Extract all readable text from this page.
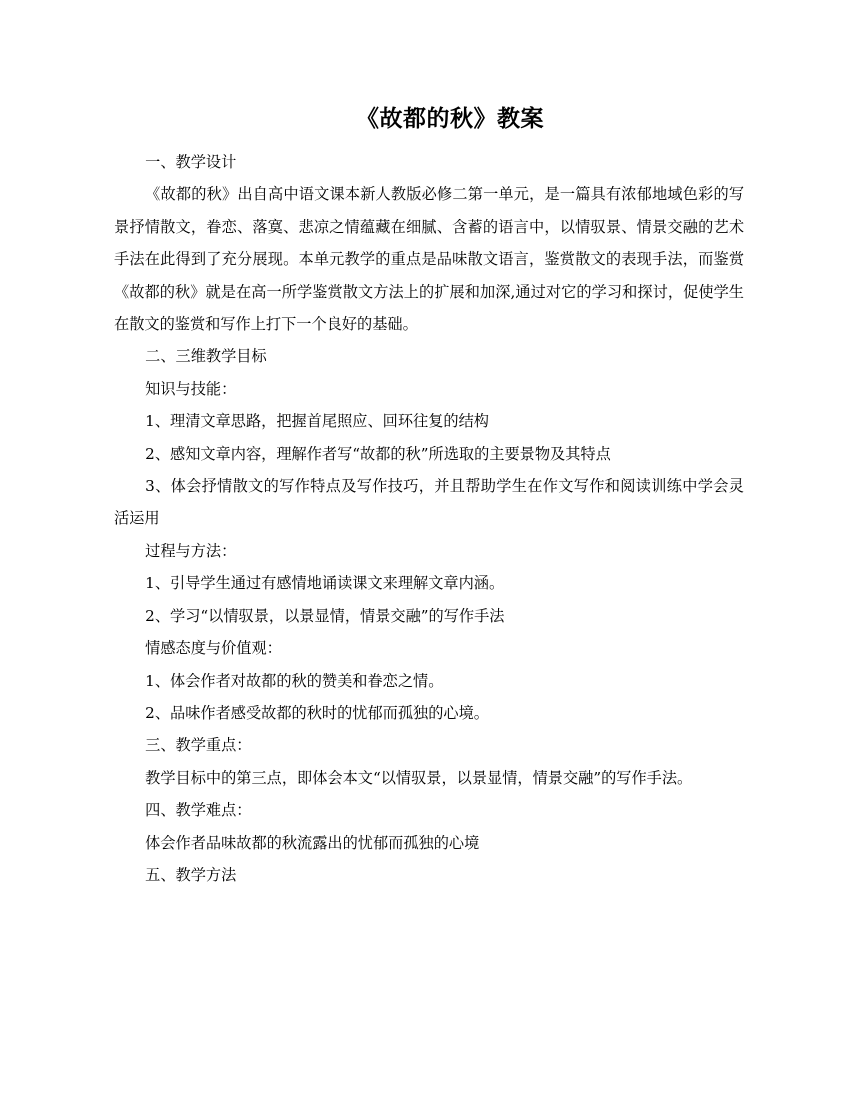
《故都的秋》教案

一、教学设计

《故都的秋》出自高中语文课本新人教版必修二第一单元，是一篇具有浓郁地域色彩的写景抒情散文，眷恋、落寞、悲凉之情蕴藏在细腻、含蓄的语言中，以情驭景、情景交融的艺术手法在此得到了充分展现。本单元教学的重点是品味散文语言，鉴赏散文的表现手法，而鉴赏《故都的秋》就是在高一所学鉴赏散文方法上的扩展和加深,通过对它的学习和探讨，促使学生在散文的鉴赏和写作上打下一个良好的基础。

二、三维教学目标

知识与技能：

1、理清文章思路，把握首尾照应、回环往复的结构

2、感知文章内容，理解作者写“故都的秋”所选取的主要景物及其特点

3、体会抒情散文的写作特点及写作技巧，并且帮助学生在作文写作和阅读训练中学会灵活运用

过程与方法：

1、引导学生通过有感情地诵读课文来理解文章内涵。

2、学习“以情驭景，以景显情，情景交融”的写作手法

情感态度与价值观：

1、体会作者对故都的秋的赞美和眷恋之情。

2、品味作者感受故都的秋时的忧郁而孤独的心境。

三、教学重点：

教学目标中的第三点，即体会本文“以情驭景，以景显情，情景交融”的写作手法。

四、教学难点：

体会作者品味故都的秋流露出的忧郁而孤独的心境

五、教学方法
